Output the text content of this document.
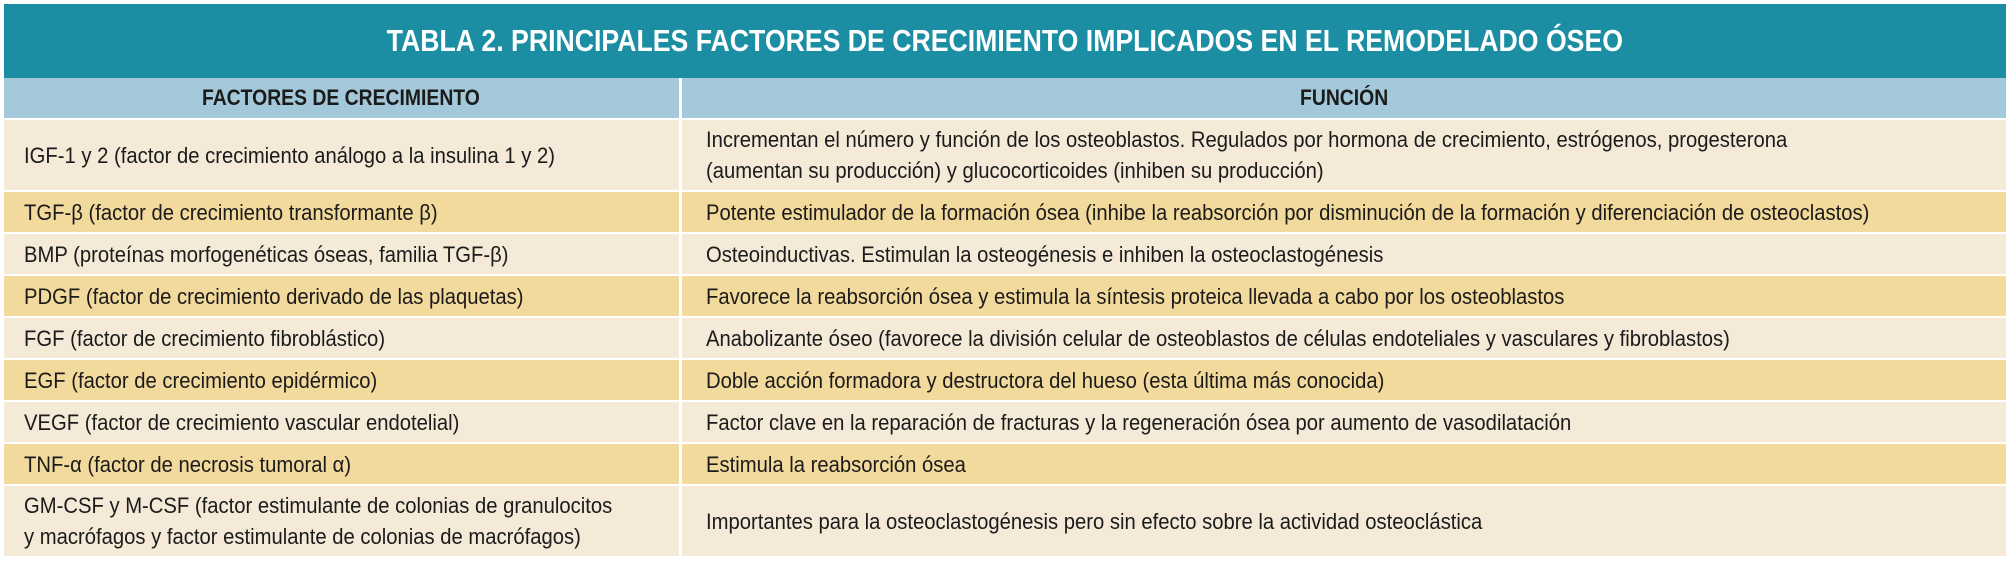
TABLA 2. PRINCIPALES FACTORES DE CRECIMIENTO IMPLICADOS EN EL REMODELADO ÓSEO
FACTORES DE CRECIMIENTO	FUNCIÓN
IGF-1 y 2 (factor de crecimiento análogo a la insulina 1 y 2)	Incrementan el número y función de los osteoblastos. Regulados por hormona de crecimiento, estrógenos, progesterona
(aumentan su producción) y glucocorticoides (inhiben su producción)
TGF-β (factor de crecimiento transformante β)	Potente estimulador de la formación ósea (inhibe la reabsorción por disminución de la formación y diferenciación de osteoclastos)
BMP (proteínas morfogenéticas óseas, familia TGF-β)	Osteoinductivas. Estimulan la osteogénesis e inhiben la osteoclastogénesis
PDGF (factor de crecimiento derivado de las plaquetas)	Favorece la reabsorción ósea y estimula la síntesis proteica llevada a cabo por los osteoblastos
FGF (factor de crecimiento fibroblástico)	Anabolizante óseo (favorece la división celular de osteoblastos de células endoteliales y vasculares y fibroblastos)
EGF (factor de crecimiento epidérmico)	Doble acción formadora y destructora del hueso (esta última más conocida)
VEGF (factor de crecimiento vascular endotelial)	Factor clave en la reparación de fracturas y la regeneración ósea por aumento de vasodilatación
TNF-α (factor de necrosis tumoral α)	Estimula la reabsorción ósea
GM-CSF y M-CSF (factor estimulante de colonias de granulocitos
y macrófagos y factor estimulante de colonias de macrófagos)	Importantes para la osteoclastogénesis pero sin efecto sobre la actividad osteoclástica
